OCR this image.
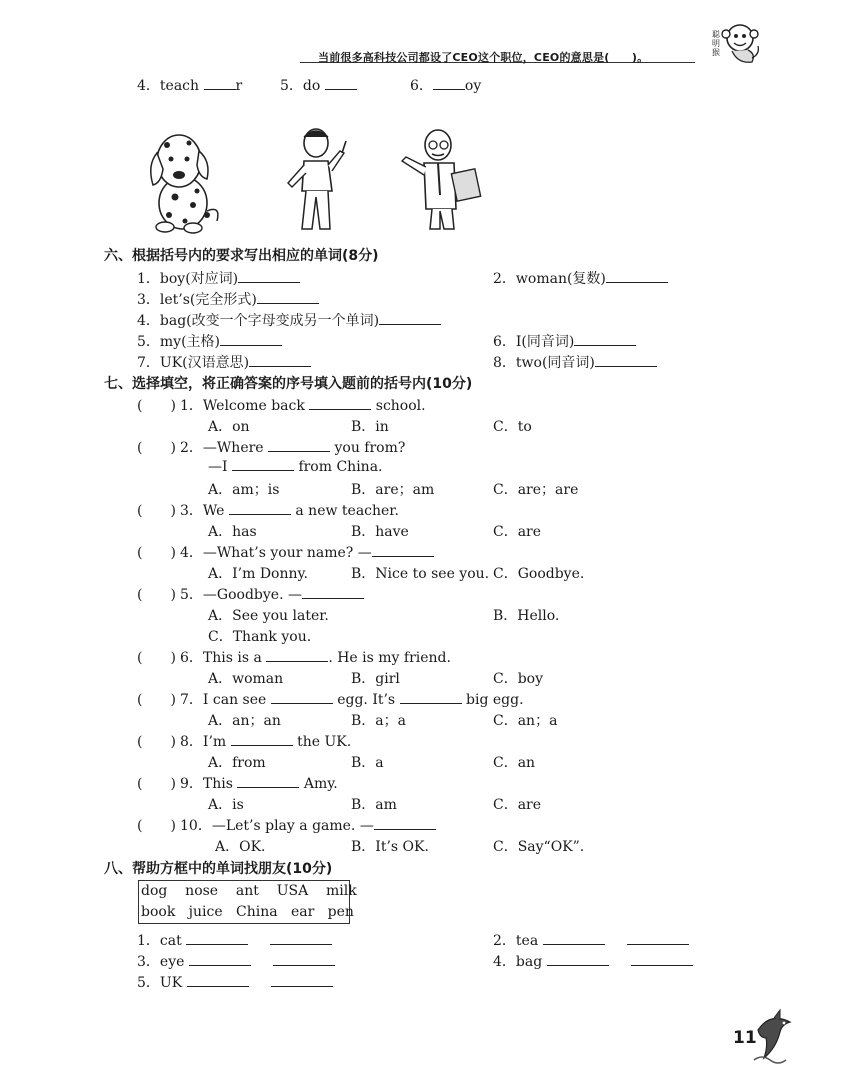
当前很多高科技公司都设了CEO这个职位，CEO的意思是(　　)。
聪明猴
4．teach	r	5．do	6． oy
六、根据括号内的要求写出相应的单词(8分)
1．boy(对应词)	2．woman(复数)
3．let’s(完全形式)
4．bag(改变一个字母变成另一个单词)
5．my(主格)	6．I(同音词)
7．UK(汉语意思)	8．two(同音词)
七、选择填空，将正确答案的序号填入题前的括号内(10分)
(　　) 1．Welcome back	school.
A．on	B．in	C．to
(　　) 2．—Where	you from?
—I	from China.
A．am；is	B．are；am	C．are；are
(　　) 3．We	a new teacher.
A．has	B．have	C．are
(　　) 4．—What’s your name? —
A．I’m Donny.	B．Nice to see you. C．Goodbye.
(　　) 5．—Goodbye. —
A．See you later.	B．Hello.
C．Thank you.
(　　) 6．This is a	. He is my friend.
A．woman	B．girl	C．boy
(　　) 7．I can see	egg. It’s	big egg.
A．an；an	B．a；a	C．an；a
(　　) 8．I’m	the UK.
A．from	B．a	C．an
(　　) 9．This	Amy.
A．is	B．am	C．are
(　　) 10．—Let’s play a game. —
A．OK.	B．It’s OK.	C．Say“OK”.
八、帮助方框中的单词找朋友(10分)
dog nose ant USA milk
book juice China ear pen
1．cat	2．tea
3．eye	4．bag
5．UK
11
